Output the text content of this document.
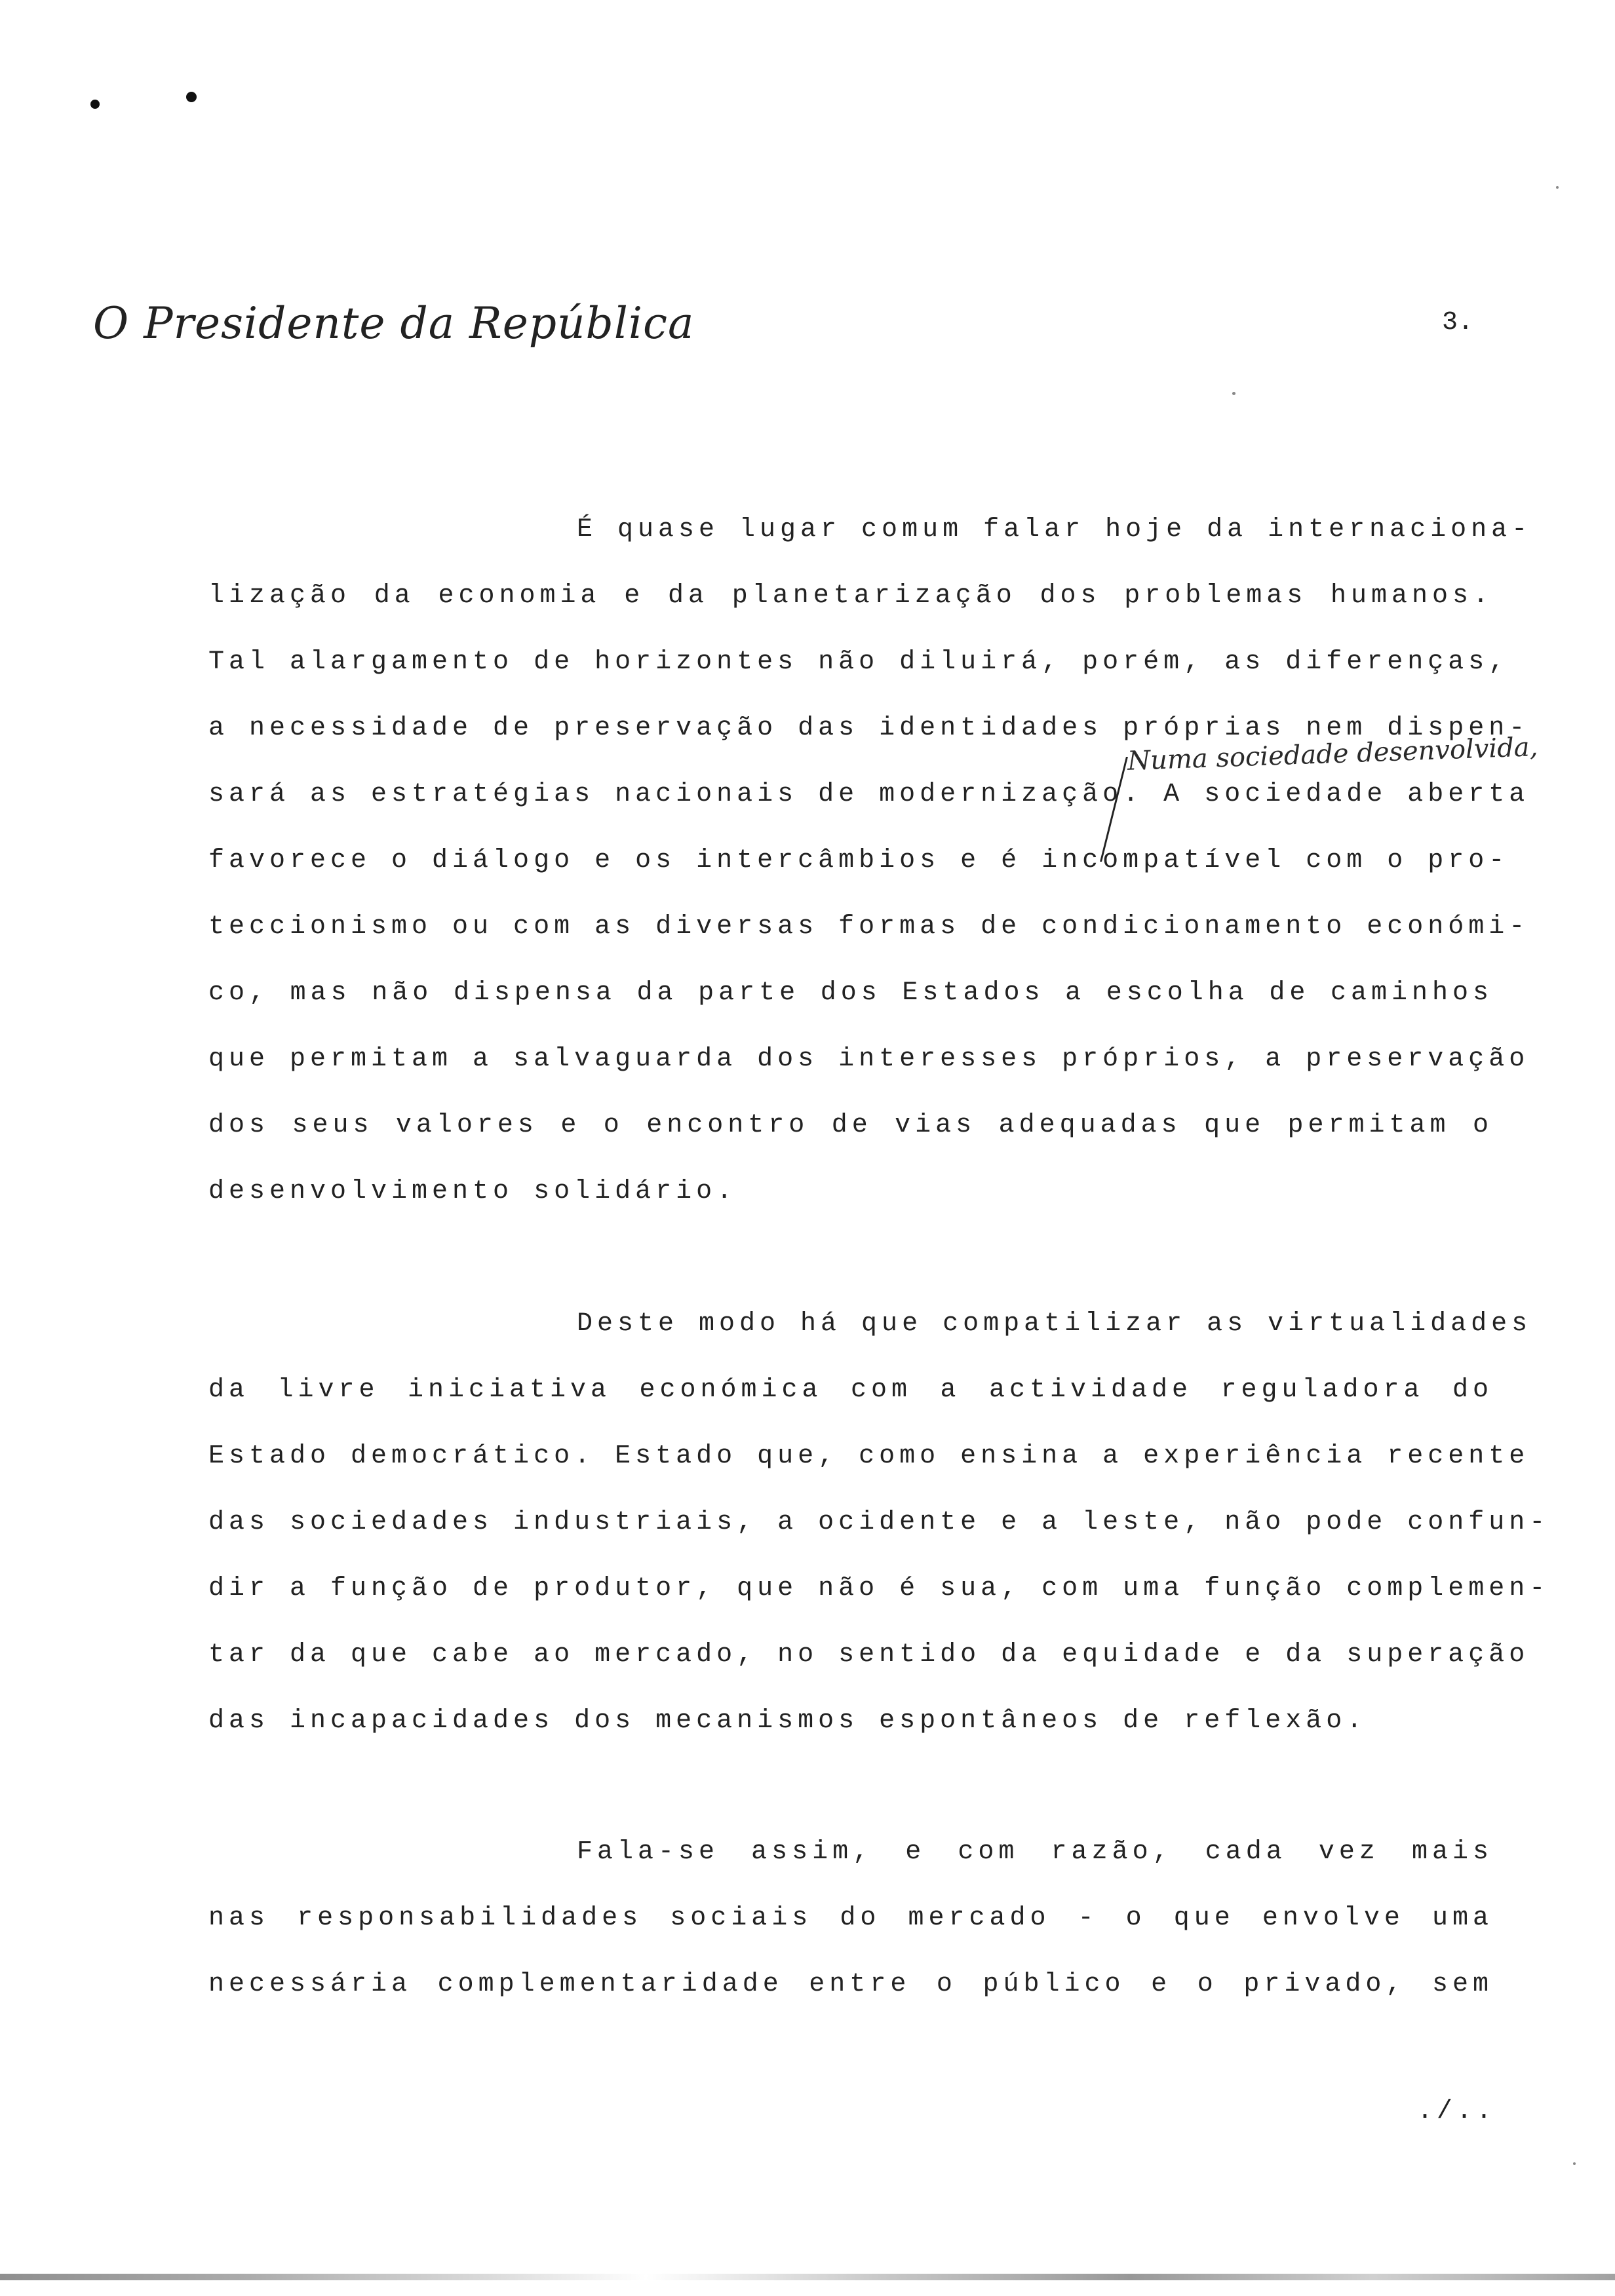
O Presidente da República	3.
É quase lugar comum falar hoje da internaciona-
lização da economia e da planetarização dos problemas humanos.
Tal alargamento de horizontes não diluirá, porém, as diferenças,
a necessidade de preservação das identidades próprias nem dispen-
sará as estratégias nacionais de modernização. A sociedade aberta
favorece o diálogo e os intercâmbios e é incompatível com o pro-
teccionismo ou com as diversas formas de condicionamento económi-
co, mas não dispensa da parte dos Estados a escolha de caminhos
que permitam a salvaguarda dos interesses próprios, a preservação
dos seus valores e o encontro de vias adequadas que permitam o
desenvolvimento solidário.
Numa sociedade desenvolvida,
Deste modo há que compatilizar as virtualidades
da livre iniciativa económica com a actividade reguladora do
Estado democrático. Estado que, como ensina a experiência recente
das sociedades industriais, a ocidente e a leste, não pode confun-
dir a função de produtor, que não é sua, com uma função complemen-
tar da que cabe ao mercado, no sentido da equidade e da superação
das incapacidades dos mecanismos espontâneos de reflexão.
Fala-se assim, e com razão, cada vez mais
nas responsabilidades sociais do mercado - o que envolve uma
necessária complementaridade entre o público e o privado, sem
./..
